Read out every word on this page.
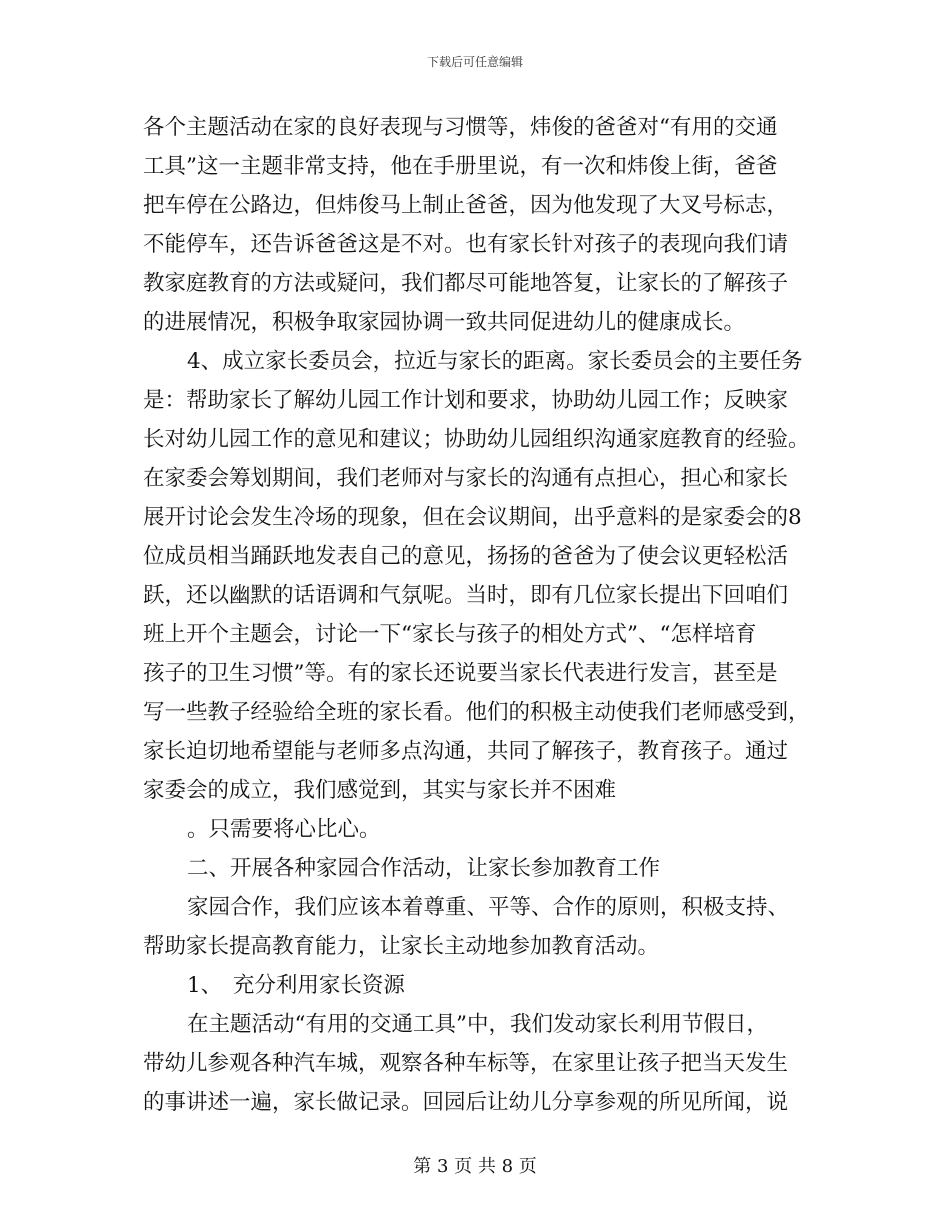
下载后可任意编辑
各个主题活动在家的良好表现与习惯等，炜俊的爸爸对“有用的交通
工具”这一主题非常支持，他在手册里说，有一次和炜俊上街，爸爸
把车停在公路边，但炜俊马上制止爸爸，因为他发现了大叉号标志，
不能停车，还告诉爸爸这是不对。也有家长针对孩子的表现向我们请
教家庭教育的方法或疑问，我们都尽可能地答复，让家长的了解孩子
的进展情况，积极争取家园协调一致共同促进幼儿的健康成长。
4、成立家长委员会，拉近与家长的距离。家长委员会的主要任务
是：帮助家长了解幼儿园工作计划和要求，协助幼儿园工作；反映家
长对幼儿园工作的意见和建议；协助幼儿园组织沟通家庭教育的经验。
在家委会筹划期间，我们老师对与家长的沟通有点担心，担心和家长
展开讨论会发生冷场的现象，但在会议期间，出乎意料的是家委会的8
位成员相当踊跃地发表自己的意见，扬扬的爸爸为了使会议更轻松活
跃，还以幽默的话语调和气氛呢。当时，即有几位家长提出下回咱们
班上开个主题会，讨论一下“家长与孩子的相处方式”、“怎样培育
孩子的卫生习惯”等。有的家长还说要当家长代表进行发言，甚至是
写一些教子经验给全班的家长看。他们的积极主动使我们老师感受到，
家长迫切地希望能与老师多点沟通，共同了解孩子，教育孩子。通过
家委会的成立，我们感觉到，其实与家长并不困难
。只需要将心比心。
二、开展各种家园合作活动，让家长参加教育工作
家园合作，我们应该本着尊重、平等、合作的原则，积极支持、
帮助家长提高教育能力，让家长主动地参加教育活动。
1、　充分利用家长资源
在主题活动“有用的交通工具”中，我们发动家长利用节假日，
带幼儿参观各种汽车城，观察各种车标等，在家里让孩子把当天发生
的事讲述一遍，家长做记录。回园后让幼儿分享参观的所见所闻，说
第 3 页 共 8 页
